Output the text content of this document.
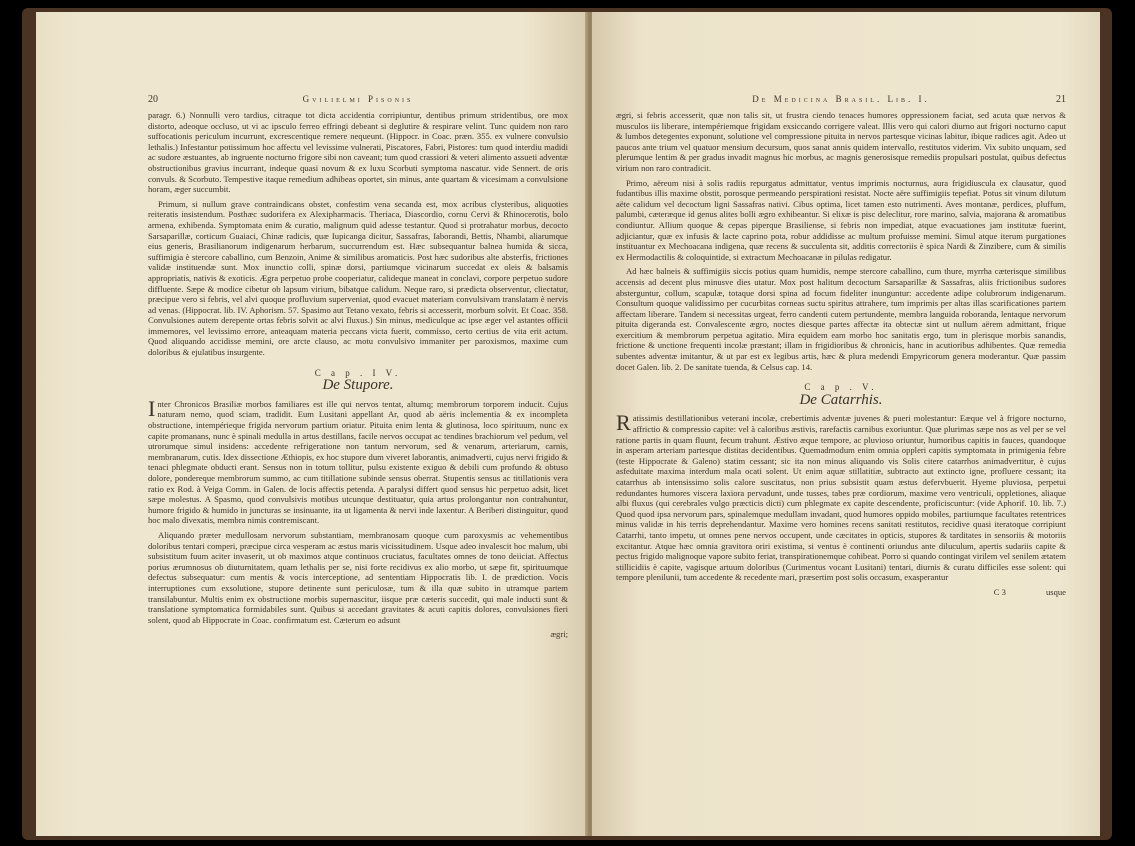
20	Gvilielmi Pisonis

paragr. 6.) Nonnulli vero tardius, citraque tot dicta accidentia corripiuntur, dentibus primum stridentibus, ore mox distorto, adeoque occluso, ut vi ac ipsculo ferreo effringi debeant si deglutire & respirare velint. Tunc quidem non raro suffocationis periculum incurrunt, excrescentique remere nequeunt. (Hippocr. in Coac. præn. 355. ex vulnere convulsio lethalis.) Infestantur potissimum hoc affectu vel levissime vulnerati, Piscatores, Fabri, Pistores: tum quod interdiu madidi ac sudore æstuantes, ab ingruente nocturno frigore sibi non caveant; tum quod crassiori & veteri alimento assueti adventæ obstructionibus gravius incurrant, indeque quasi novum & ex luxu Scorbuti symptoma nascatur. vide Sennert. de oris convuls. & Scorbuto. Tempestive itaque remedium adhibeas oportet, sin minus, ante quartam & vicesimam a convulsione horam, æger succumbit.

Primum, si nullum grave contraindicans obstet, confestim vena secanda est, mox acribus clysteribus, aliquoties reiteratis insistendum. Posthæc sudorifera ex Alexipharmacis. Theriaca, Diascordio, cornu Cervi & Rhinocerotis, bolo armena, exhibenda. Symptomata enim & curatio, malignum quid adesse testantur. Quod si protrahatur morbus, decocto Sarsaparillæ, corticum Guaiaci, Chinæ radicis, quæ Iupicanga dicitur, Sassafras, Iaborandi, Bettis, Nhambi, aliarumque eius generis, Brasilianorum indigenarum herbarum, succurrendum est. Hæc subsequantur balnea humida & sicca, suffimigia è stercore caballino, cum Benzoin, Anime & similibus aromaticis. Post hæc sudoribus alte absterfis, frictiones validæ instituendæ sunt. Mox inunctio colli, spinæ dorsi, partiumque vicinarum succedat ex oleis & balsamis appropriatis, nativis & exoticis. Ægra perpetuo probe cooperiatur, calideque maneat in conclavi, corpore perpetuo sudore diffluente. Sæpe & modice cibetur ob lapsum virium, bibatque calidum. Neque raro, si prædicta observentur, cliectatur, præcipue vero si febris, vel alvi quoque profluvium superveniat, quod evacuet materiam convulsivam translatam è nervis ad venas. (Hippocrat. lib. IV. Aphorism. 57. Spasimo aut Tetano vexato, febris si accesserit, morbum solvit. Et Coac. 358. Convulsiones autem derepente ortas febris solvit ac alvi fluxus.) Sin minus, mediculque ac ipse æger vel astantes officii immemores, vel levissimo errore, anteaquam materia peccans victa fuerit, commisso, certo certius de vita erit actum. Quod aliquando accidisse memini, ore arcte clauso, ac motu convulsivo immaniter per paroxismos, maxime cum doloribus & ejulatibus insurgente.

C a p . I V.
De Stupore.

Inter Chronicos Brasiliæ morbos familiares est ille qui nervos tentat, altumq; membrorum torporem inducit. Cujus naturam nemo, quod sciam, tradidit. Eum Lusitani appellant Ar, quod ab aëris inclementia & ex incompleta obstructione, intempérieque frigida nervorum partium oriatur. Pituita enim lenta & glutinosa, loco spirituum, nunc ex capite promanans, nunc è spinali medulla in artus destillans, facile nervos occupat ac tendines brachiorum vel pedum, vel utrorumque simul insidens: accedente refrigeratione non tantum nervorum, sed & venarum, arteriarum, carnis, membranarum, cutis. Idex dissectione Æthiopis, ex hoc stupore dum viveret laborantis, animadverti, cujus nervi frigido & tenaci phlegmate obducti erant. Sensus non in totum tollitur, pulsu existente exiguo & debili cum profundo & obtuso dolore, pondereque membrorum summo, ac cum titillatione subinde sensus oberrat. Stupentis sensus ac titillationis vera ratio ex Rod. à Veiga Comm. in Galen. de locis affectis petenda. A paralysi differt quod sensus hic perpetuo adsit, licet sæpe molestus. A Spasmo, quod convulsivis motibus utcunque destituatur, quia artus prolongantur non contrahuntur, humore frigido & humido in juncturas se insinuante, ita ut ligamenta & nervi inde laxentur. A Beriberi distinguitur, quod hoc malo divexatis, membra nimis contremiscant.

Aliquando præter medullosam nervorum substantiam, membranosam quoque cum paroxysmis ac vehementibus doloribus tentari comperi, præcipue circa vesperam ac æstus maris vicissitudinem. Usque adeo invalescit hoc malum, ubi subsistitum fuum aciter invaserit, ut ob maximos atque continuos cruciatus, facultates omnes de tono deiiciat. Affectus porius ærumnosus ob diuturnitatem, quam lethalis per se, nisi forte recidivus ex alio morbo, ut sæpe fit, spirituumque defectus subsequatur: cum mentis & vocis interceptione, ad sententiam Hippocratis lib. I. de prædiction. Vocis interruptiones cum exsolutione, stupore detinente sunt periculosæ, tum & illa quæ subito in utramque partem transilabuntur. Multis enim ex obstructione morbis supernascitur, iisque præ cæteris succedit, qui male inducti sunt & translatione symptomatica formidabiles sunt. Quibus si accedant gravitates & acuti capitis dolores, convulsiones fieri solent, quod ab Hippocrate in Coac. confirmatum est. Cæterum eo adsunt

ægri;
De Medicina Brasil. Lib. I.	21

ægri, si febris accesserit, quæ non talis sit, ut frustra ciendo tenaces humores oppressionem faciat, sed acuta quæ nervos & musculos iis liberare, intempériemque frigidam exsiccando corrigere valeat. Illis vero qui calori diurno aut frigori nocturno caput & lumbos detegentes exponunt, solutione vel compressione pituita in nervos partesque vicinas labitur, ibique radices agit. Adeo ut paucos ante trium vel quatuor mensium decursum, quos sanat annis quidem intervallo, restitutos viderim. Vix subito unquam, sed plerumque lentim & per gradus invadit magnus hic morbus, ac magnis generosisque remediis propulsari postulat, quibus defectus virium non raro contradicit.

Primo, aëreum nisi à solis radiis repurgatus admittatur, ventus imprimis nocturnus, aura frigidiuscula ex clausatur, quod fudantibus illis maxime obstit, porosque permeando perspirationi resistat. Nocte aëre suffimigiis tepefiat. Potus sit vinum dilutum aëte calidum vel decoctum ligni Sassafras nativi. Cibus optima, licet tamen esto nutrimenti. Aves montanæ, perdices, pluffum, palumbi, cæteræque id genus alites bolli ægro exhibeantur. Si elixæ is pisc deleclitur, rore marino, salvia, majorana & aromatibus condiuntur. Allium quoque & cepas piperque Brasiliense, si febris non impediat, atque evacuationes jam institutæ fuerint, adjiciantur, quæ ex infusis & lacte caprino pota, robur addidisse ac multum profuisse memini. Simul atque iterum purgationes instituantur ex Mechoacana indigena, quæ recens & succulenta sit, additis correctoriis è spica Nardi & Zinzibere, cum & similis ex Hermodactilis & coloquintide, si extractum Mechoacanæ in pilulas redigatur.

Ad hæc balneis & suffimigiis siccis potius quam humidis, nempe stercore caballino, cum thure, myrrha cæterisque similibus accensis ad decent plus minusve dies utatur. Mox post halitum decoctum Sarsaparillæ & Sassafras, aliis frictionibus sudores absterguntur, collum, scapulæ, totaque dorsi spina ad focum fideliter inunguntur: accedente adipe colubrorum indigenarum. Consultum quoque validissimo per cucurbitas corneas suctu spiritus attrahere, tum imprimis per altas illas scarificationes partem affectam liberare. Tandem si necessitas urgeat, ferro candenti cutem pertundente, membra languida roboranda, lentaque nervorum pituita digeranda est. Convalescente ægro, noctes diesque partes affectæ ita obtectæ sint ut nullum aërem admittant, frique exercitium & membrorum perpetua agitatio. Mira equidem eam morbo hoc sanitatis ergo, tum in plerisque morbis sanandis, frictione & unctione frequenti incolæ præstant; illam in frigidioribus & chronicis, hanc in acutioribus adhibentes. Quæ remedia subentes adventæ imitantur, & ut par est ex legibus artis, hæc & plura medendi Empyricorum genera moderantur. Quæ passim docet Galen. lib. 2. De sanitate tuenda, & Celsus cap. 14.

C a p . V.
De Catarrhis.

Ratissimis destillationibus veterani incolæ, crebertimis adventæ juvenes & pueri molestantur: Eæque vel à frigore nocturno, affrictio & compressio capite: vel à caloribus æstivis, rarefactis carnibus exoriuntur. Quæ plurimas sæpe nos as vel per se vel ratione partis in quam fluunt, fecum trahunt. Æstivo æque tempore, ac pluvioso oriuntur, humoribus capitis in fauces, quandoque in asperam arteriam partesque distitas decidentibus. Quemadmodum enim omnia oppleri capitis symptomata in primigenia febre (teste Hippocrate & Galeno) statim cessant; sic ita non minus aliquando vis Solis citere catarrhos animadvertitur, è cujus asfeduitate maxima interdum mala ocati solent. Ut enim aquæ stillatitiæ, subtracto aut extincto igne, profluere cessant; ita catarrhus ab intensissimo solis calore suscitatus, non prius subsistit quam æstus defervbuerit. Hyeme pluviosa, perpetui redundantes humores viscera laxiora pervadunt, unde tusses, tabes præ cordiorum, maxime vero ventriculi, oppletiones, aliaque albi fluxus (qui cerebrales vulgo præcticis dicti) cum phlegmate ex capite descendente, proficiscuntur: (vide Aphorif. 10. lib. 7.) Quod quod ipsa nervorum pars, spinalemque medullam invadant, quod humores oppido mobiles, partiumque facultates retentrices minus validæ in his terris deprehendantur. Maxime vero homines recens sanitati restitutos, recidive quasi iteratoque corripiunt Catarrhi, tanto impetu, ut omnes pene nervos occupent, unde cæcitates in opticis, stupores & tarditates in sensoriis & motoriis excitantur. Atque hæc omnia gravitora oriri existima, si ventus è continenti oriundus ante diluculum, apertis sudariis capite & pectus frigido malignoque vapore subito feriat, transpirationemque cohibeat. Porro si quando contingat virilem vel senilem ætatem stillicidiis è capite, vagisque artuum doloribus (Curimentus vocant Lusitani) tentari, diurnis & curatu difficiles esse solent: qui tempore plenilunii, tum accedente & recedente mari, præsertim post solis occasum, exasperantur

C 3	usque
